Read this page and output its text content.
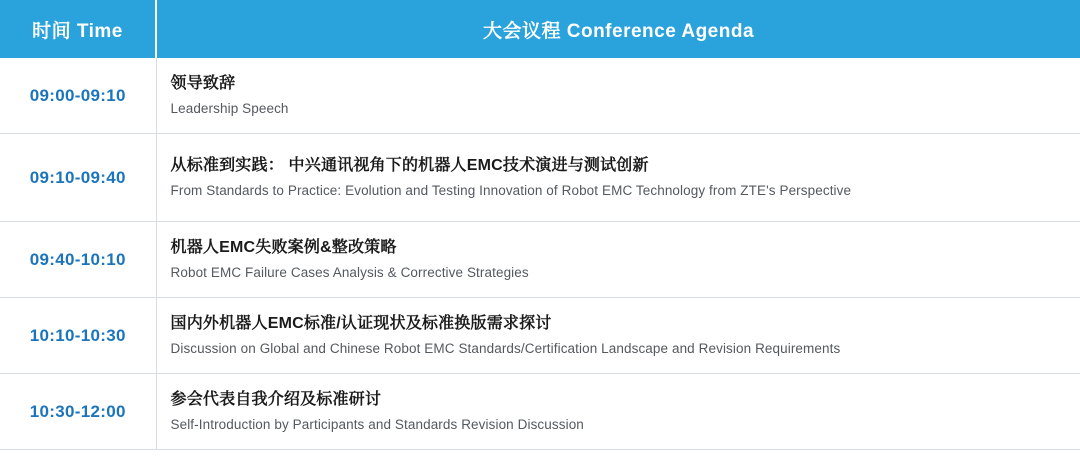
时间 Time	大会议程 Conference Agenda
09:00-09:10	领导致辞
Leadership Speech

09:10-09:40	从标准到实践： 中兴通讯视角下的机器人EMC技术演进与测试创新
From Standards to Practice: Evolution and Testing Innovation of Robot EMC Technology from ZTE's Perspective

09:40-10:10	机器人EMC失败案例&整改策略
Robot EMC Failure Cases Analysis & Corrective Strategies

10:10-10:30	国内外机器人EMC标准/认证现状及标准换版需求探讨
Discussion on Global and Chinese Robot EMC Standards/Certification Landscape and Revision Requirements

10:30-12:00	参会代表自我介绍及标准研讨
Self-Introduction by Participants and Standards Revision Discussion
